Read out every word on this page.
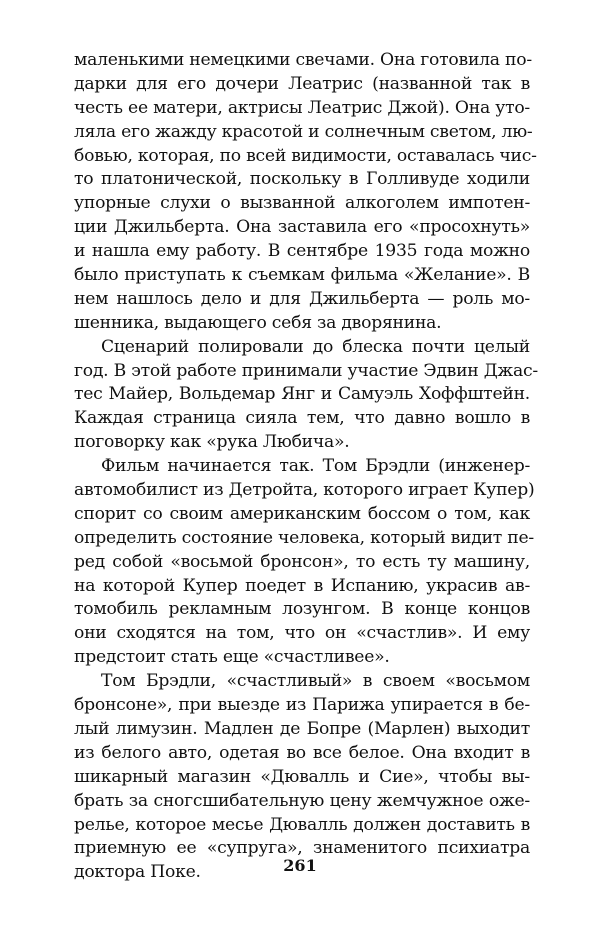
маленькими немецкими свечами. Она готовила по-
дарки для его дочери Леатрис (названной так в
честь ее матери, актрисы Леатрис Джой). Она уто-
ляла его жажду красотой и солнечным светом, лю-
бовью, которая, по всей видимости, оставалась чис-
то платонической, поскольку в Голливуде ходили
упорные слухи о вызванной алкоголем импотен-
ции Джильберта. Она заставила его «просохнуть»
и нашла ему работу. В сентябре 1935 года можно
было приступать к съемкам фильма «Желание». В
нем нашлось дело и для Джильберта — роль мо-
шенника, выдающего себя за дворянина.
Сценарий полировали до блеска почти целый
год. В этой работе принимали участие Эдвин Джас-
тес Майер, Вольдемар Янг и Самуэль Хоффштейн.
Каждая страница сияла тем, что давно вошло в
поговорку как «рука Любича».
Фильм начинается так. Том Брэдли (инженер-
автомобилист из Детройта, которого играет Купер)
спорит со своим американским боссом о том, как
определить состояние человека, который видит пе-
ред собой «восьмой бронсон», то есть ту машину,
на которой Купер поедет в Испанию, украсив ав-
томобиль рекламным лозунгом. В конце концов
они сходятся на том, что он «счастлив». И ему
предстоит стать еще «счастливее».
Том Брэдли, «счастливый» в своем «восьмом
бронсоне», при выезде из Парижа упирается в бе-
лый лимузин. Мадлен де Бопре (Марлен) выходит
из белого авто, одетая во все белое. Она входит в
шикарный магазин «Дювалль и Сие», чтобы вы-
брать за сногсшибательную цену жемчужное оже-
релье, которое месье Дювалль должен доставить в
приемную ее «супруга», знаменитого психиатра
доктора Поке.	261
